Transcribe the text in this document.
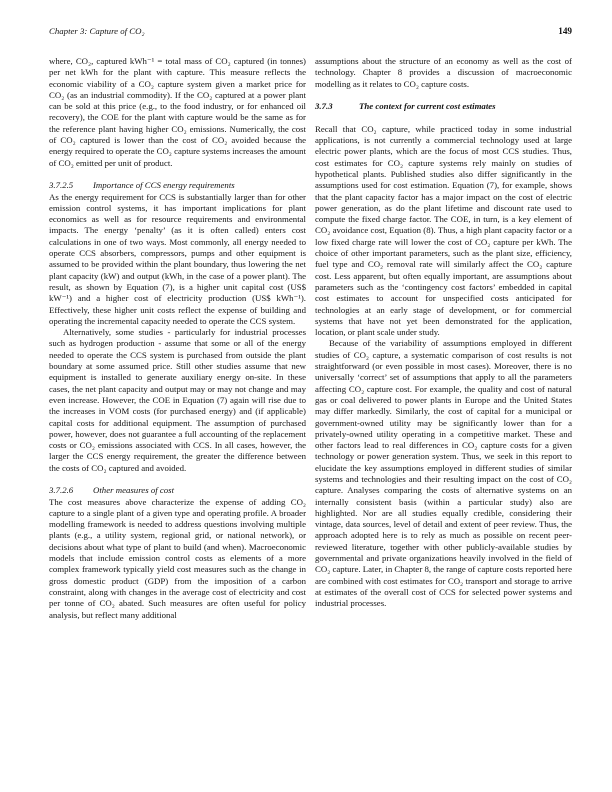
Chapter 3: Capture of CO₂	149

where, CO₂, captured kWh⁻¹ = total mass of CO₂ captured (in tonnes) per net kWh for the plant with capture. This measure reflects the economic viability of a CO₂ capture system given a market price for CO₂ (as an industrial commodity). If the CO₂ captured at a power plant can be sold at this price (e.g., to the food industry, or for enhanced oil recovery), the COE for the plant with capture would be the same as for the reference plant having higher CO₂ emissions. Numerically, the cost of CO₂ captured is lower than the cost of CO₂ avoided because the energy required to operate the CO₂ capture systems increases the amount of CO₂ emitted per unit of product.

3.7.2.5 Importance of CCS energy requirements

As the energy requirement for CCS is substantially larger than for other emission control systems, it has important implications for plant economics as well as for resource requirements and environmental impacts. The energy ‘penalty’ (as it is often called) enters cost calculations in one of two ways. Most commonly, all energy needed to operate CCS absorbers, compressors, pumps and other equipment is assumed to be provided within the plant boundary, thus lowering the net plant capacity (kW) and output (kWh, in the case of a power plant). The result, as shown by Equation (7), is a higher unit capital cost (US$ kW⁻¹) and a higher cost of electricity production (US$ kWh⁻¹). Effectively, these higher unit costs reflect the expense of building and operating the incremental capacity needed to operate the CCS system.

Alternatively, some studies - particularly for industrial processes such as hydrogen production - assume that some or all of the energy needed to operate the CCS system is purchased from outside the plant boundary at some assumed price. Still other studies assume that new equipment is installed to generate auxiliary energy on-site. In these cases, the net plant capacity and output may or may not change and may even increase. However, the COE in Equation (7) again will rise due to the increases in VOM costs (for purchased energy) and (if applicable) capital costs for additional equipment. The assumption of purchased power, however, does not guarantee a full accounting of the replacement costs or CO₂ emissions associated with CCS. In all cases, however, the larger the CCS energy requirement, the greater the difference between the costs of CO₂ captured and avoided.

3.7.2.6 Other measures of cost

The cost measures above characterize the expense of adding CO₂ capture to a single plant of a given type and operating profile. A broader modelling framework is needed to address questions involving multiple plants (e.g., a utility system, regional grid, or national network), or decisions about what type of plant to build (and when). Macroeconomic models that include emission control costs as elements of a more complex framework typically yield cost measures such as the change in gross domestic product (GDP) from the imposition of a carbon constraint, along with changes in the average cost of electricity and cost per tonne of CO₂ abated. Such measures are often useful for policy analysis, but reflect many additional

assumptions about the structure of an economy as well as the cost of technology. Chapter 8 provides a discussion of macroeconomic modelling as it relates to CO₂ capture costs.

3.7.3	The context for current cost estimates

Recall that CO₂ capture, while practiced today in some industrial applications, is not currently a commercial technology used at large electric power plants, which are the focus of most CCS studies. Thus, cost estimates for CO₂ capture systems rely mainly on studies of hypothetical plants. Published studies also differ significantly in the assumptions used for cost estimation. Equation (7), for example, shows that the plant capacity factor has a major impact on the cost of electric power generation, as do the plant lifetime and discount rate used to compute the fixed charge factor. The COE, in turn, is a key element of CO₂ avoidance cost, Equation (8). Thus, a high plant capacity factor or a low fixed charge rate will lower the cost of CO₂ capture per kWh. The choice of other important parameters, such as the plant size, efficiency, fuel type and CO₂ removal rate will similarly affect the CO₂ capture cost. Less apparent, but often equally important, are assumptions about parameters such as the ‘contingency cost factors’ embedded in capital cost estimates to account for unspecified costs anticipated for technologies at an early stage of development, or for commercial systems that have not yet been demonstrated for the application, location, or plant scale under study.

Because of the variability of assumptions employed in different studies of CO₂ capture, a systematic comparison of cost results is not straightforward (or even possible in most cases). Moreover, there is no universally ‘correct’ set of assumptions that apply to all the parameters affecting CO₂ capture cost. For example, the quality and cost of natural gas or coal delivered to power plants in Europe and the United States may differ markedly. Similarly, the cost of capital for a municipal or government-owned utility may be significantly lower than for a privately-owned utility operating in a competitive market. These and other factors lead to real differences in CO₂ capture costs for a given technology or power generation system. Thus, we seek in this report to elucidate the key assumptions employed in different studies of similar systems and technologies and their resulting impact on the cost of CO₂ capture. Analyses comparing the costs of alternative systems on an internally consistent basis (within a particular study) also are highlighted. Nor are all studies equally credible, considering their vintage, data sources, level of detail and extent of peer review. Thus, the approach adopted here is to rely as much as possible on recent peer-reviewed literature, together with other publicly-available studies by governmental and private organizations heavily involved in the field of CO₂ capture. Later, in Chapter 8, the range of capture costs reported here are combined with cost estimates for CO₂ transport and storage to arrive at estimates of the overall cost of CCS for selected power systems and industrial processes.
